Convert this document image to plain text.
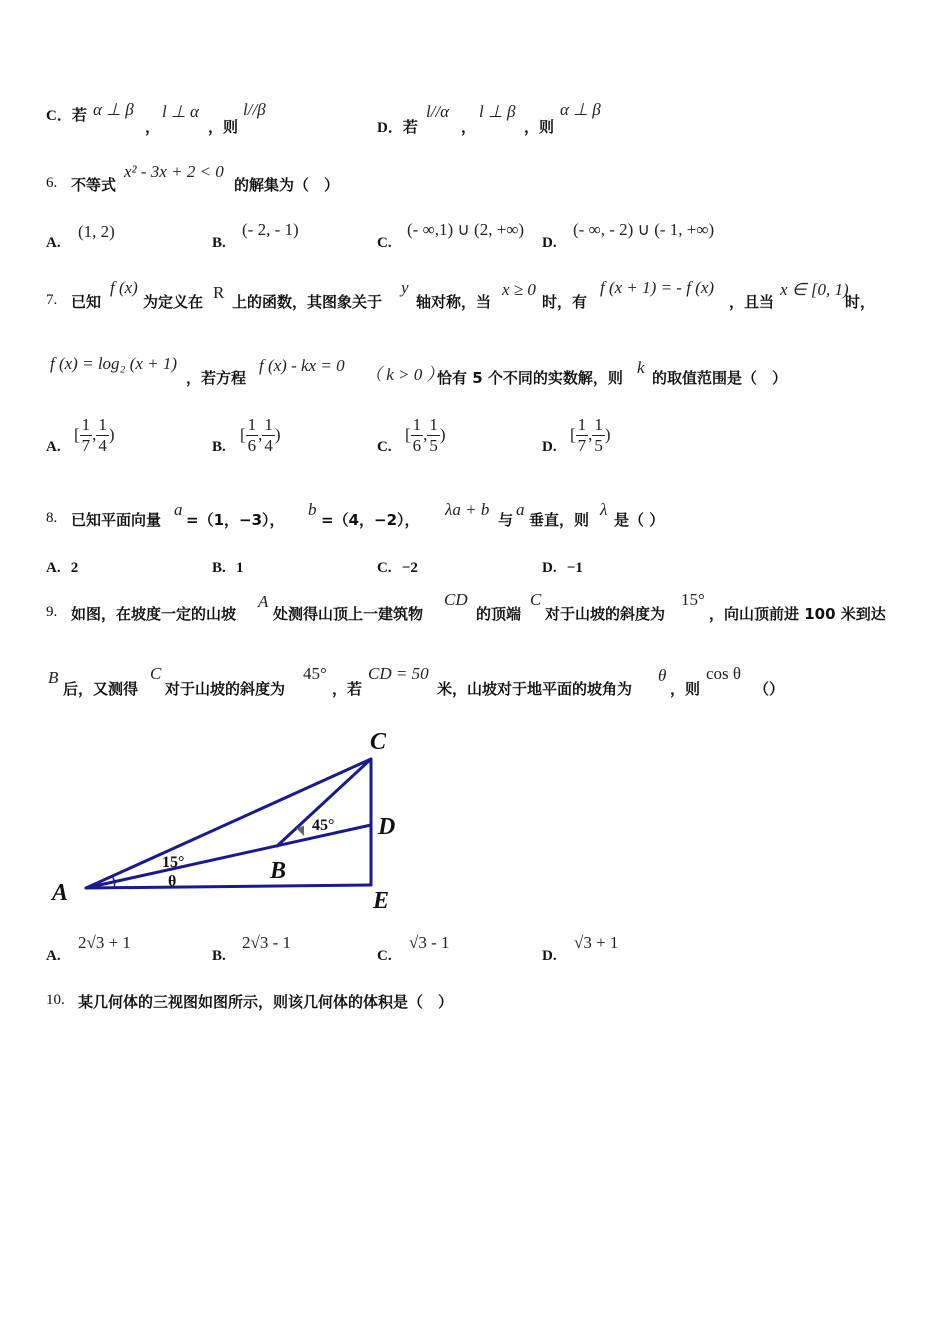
C．若 α ⊥ β
，
l ⊥ α
，则
l//β
D．若
l//α
，
l ⊥ β
，则
α ⊥ β
6. 不等式
x² - 3x + 2 < 0
的解集为（　）
A.
(1, 2)
B.
(- 2, - 1)
C.
(- ∞,1) ∪ (2, +∞)
D.
(- ∞, - 2) ∪ (- 1, +∞)
7. 已知
f (x)
为定义在 R 上的函数，其图象关于
y
轴对称，当
x ≥ 0
时，有
f (x + 1) = - f (x)
，且当
x ∈ [0, 1)
时，
f (x) = log₂ (x + 1)
，若方程
f (x) - kx = 0 （ k > 0 ）
恰有 5 个不同的实数解，则
k
的取值范围是（　）
$A.[ \frac{1}{7}$ , $\frac{1}{4}$ )
$B.[ \frac{1}{6}$ , $\frac{1}{4}$ )
$C.[ \frac{1}{6}$ , $\frac{1}{5}$ )
$D.[ \frac{1}{7}$ , $\frac{1}{5}$ )
8. 已知平面向量
a
=（1，−3），
b
=（4，−2），
λa + b
与
a
垂直，则
λ
是（ ）
A. 2	B. 1	C. −2	D. −1
9. 如图，在坡度一定的山坡
A
处测得山顶上一建筑物
CD
的顶端
C
对于山坡的斜度为
15°
，向山顶前进 100 米到达
B
后，又测得
C
对于山坡的斜度为
45°
，若
CD = 50
米，山坡对于地平面的坡角为
θ
，则
cos θ
（）
A
B
C
D
E
15°
45°
θ
A.
2√3 + 1
B.
2√3 - 1
C.
√3 - 1
D.
√3 + 1
10. 某几何体的三视图如图所示，则该几何体的体积是（　）
